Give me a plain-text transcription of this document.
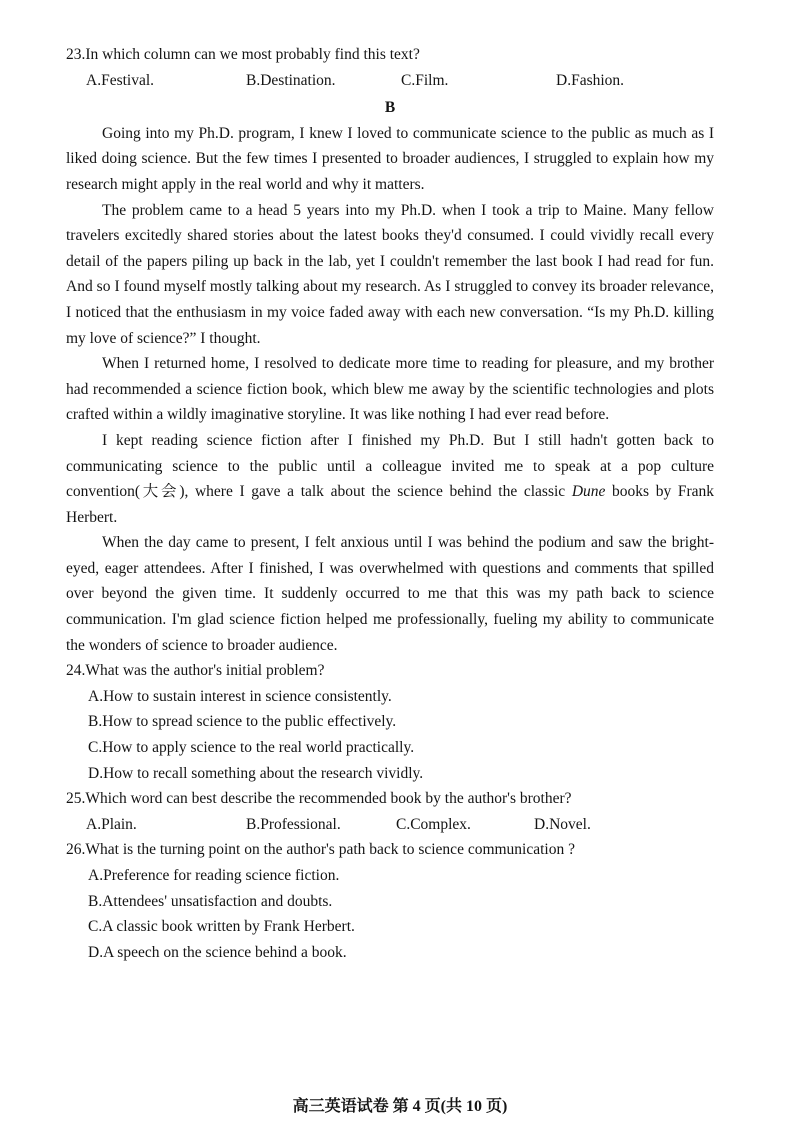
23.In which column can we most probably find this text?

A.Festival.	B.Destination.	C.Film.	D.Fashion.

B

Going into my Ph.D. program, I knew I loved to communicate science to the public as much as I liked doing science. But the few times I presented to broader audiences, I struggled to explain how my research might apply in the real world and why it matters.

The problem came to a head 5 years into my Ph.D. when I took a trip to Maine. Many fellow travelers excitedly shared stories about the latest books they'd consumed. I could vividly recall every detail of the papers piling up back in the lab, yet I couldn't remember the last book I had read for fun. And so I found myself mostly talking about my research. As I struggled to convey its broader relevance, I noticed that the enthusiasm in my voice faded away with each new conversation. “Is my Ph.D. killing my love of science?” I thought.

When I returned home, I resolved to dedicate more time to reading for pleasure, and my brother had recommended a science fiction book, which blew me away by the scientific technologies and plots crafted within a wildly imaginative storyline. It was like nothing I had ever read before.

I kept reading science fiction after I finished my Ph.D. But I still hadn't gotten back to communicating science to the public until a colleague invited me to speak at a pop culture convention(大会), where I gave a talk about the science behind the classic Dune books by Frank Herbert.

When the day came to present, I felt anxious until I was behind the podium and saw the bright-eyed, eager attendees. After I finished, I was overwhelmed with questions and comments that spilled over beyond the given time. It suddenly occurred to me that this was my path back to science communication. I'm glad science fiction helped me professionally, fueling my ability to communicate the wonders of science to broader audience.

24.What was the author's initial problem?

A.How to sustain interest in science consistently.

B.How to spread science to the public effectively.

C.How to apply science to the real world practically.

D.How to recall something about the research vividly.

25.Which word can best describe the recommended book by the author's brother?

A.Plain.	B.Professional.	C.Complex.	D.Novel.

26.What is the turning point on the author's path back to science communication ?

A.Preference for reading science fiction.

B.Attendees' unsatisfaction and doubts.

C.A classic book written by Frank Herbert.

D.A speech on the science behind a book.

高三英语试卷 第 4 页(共 10 页)
